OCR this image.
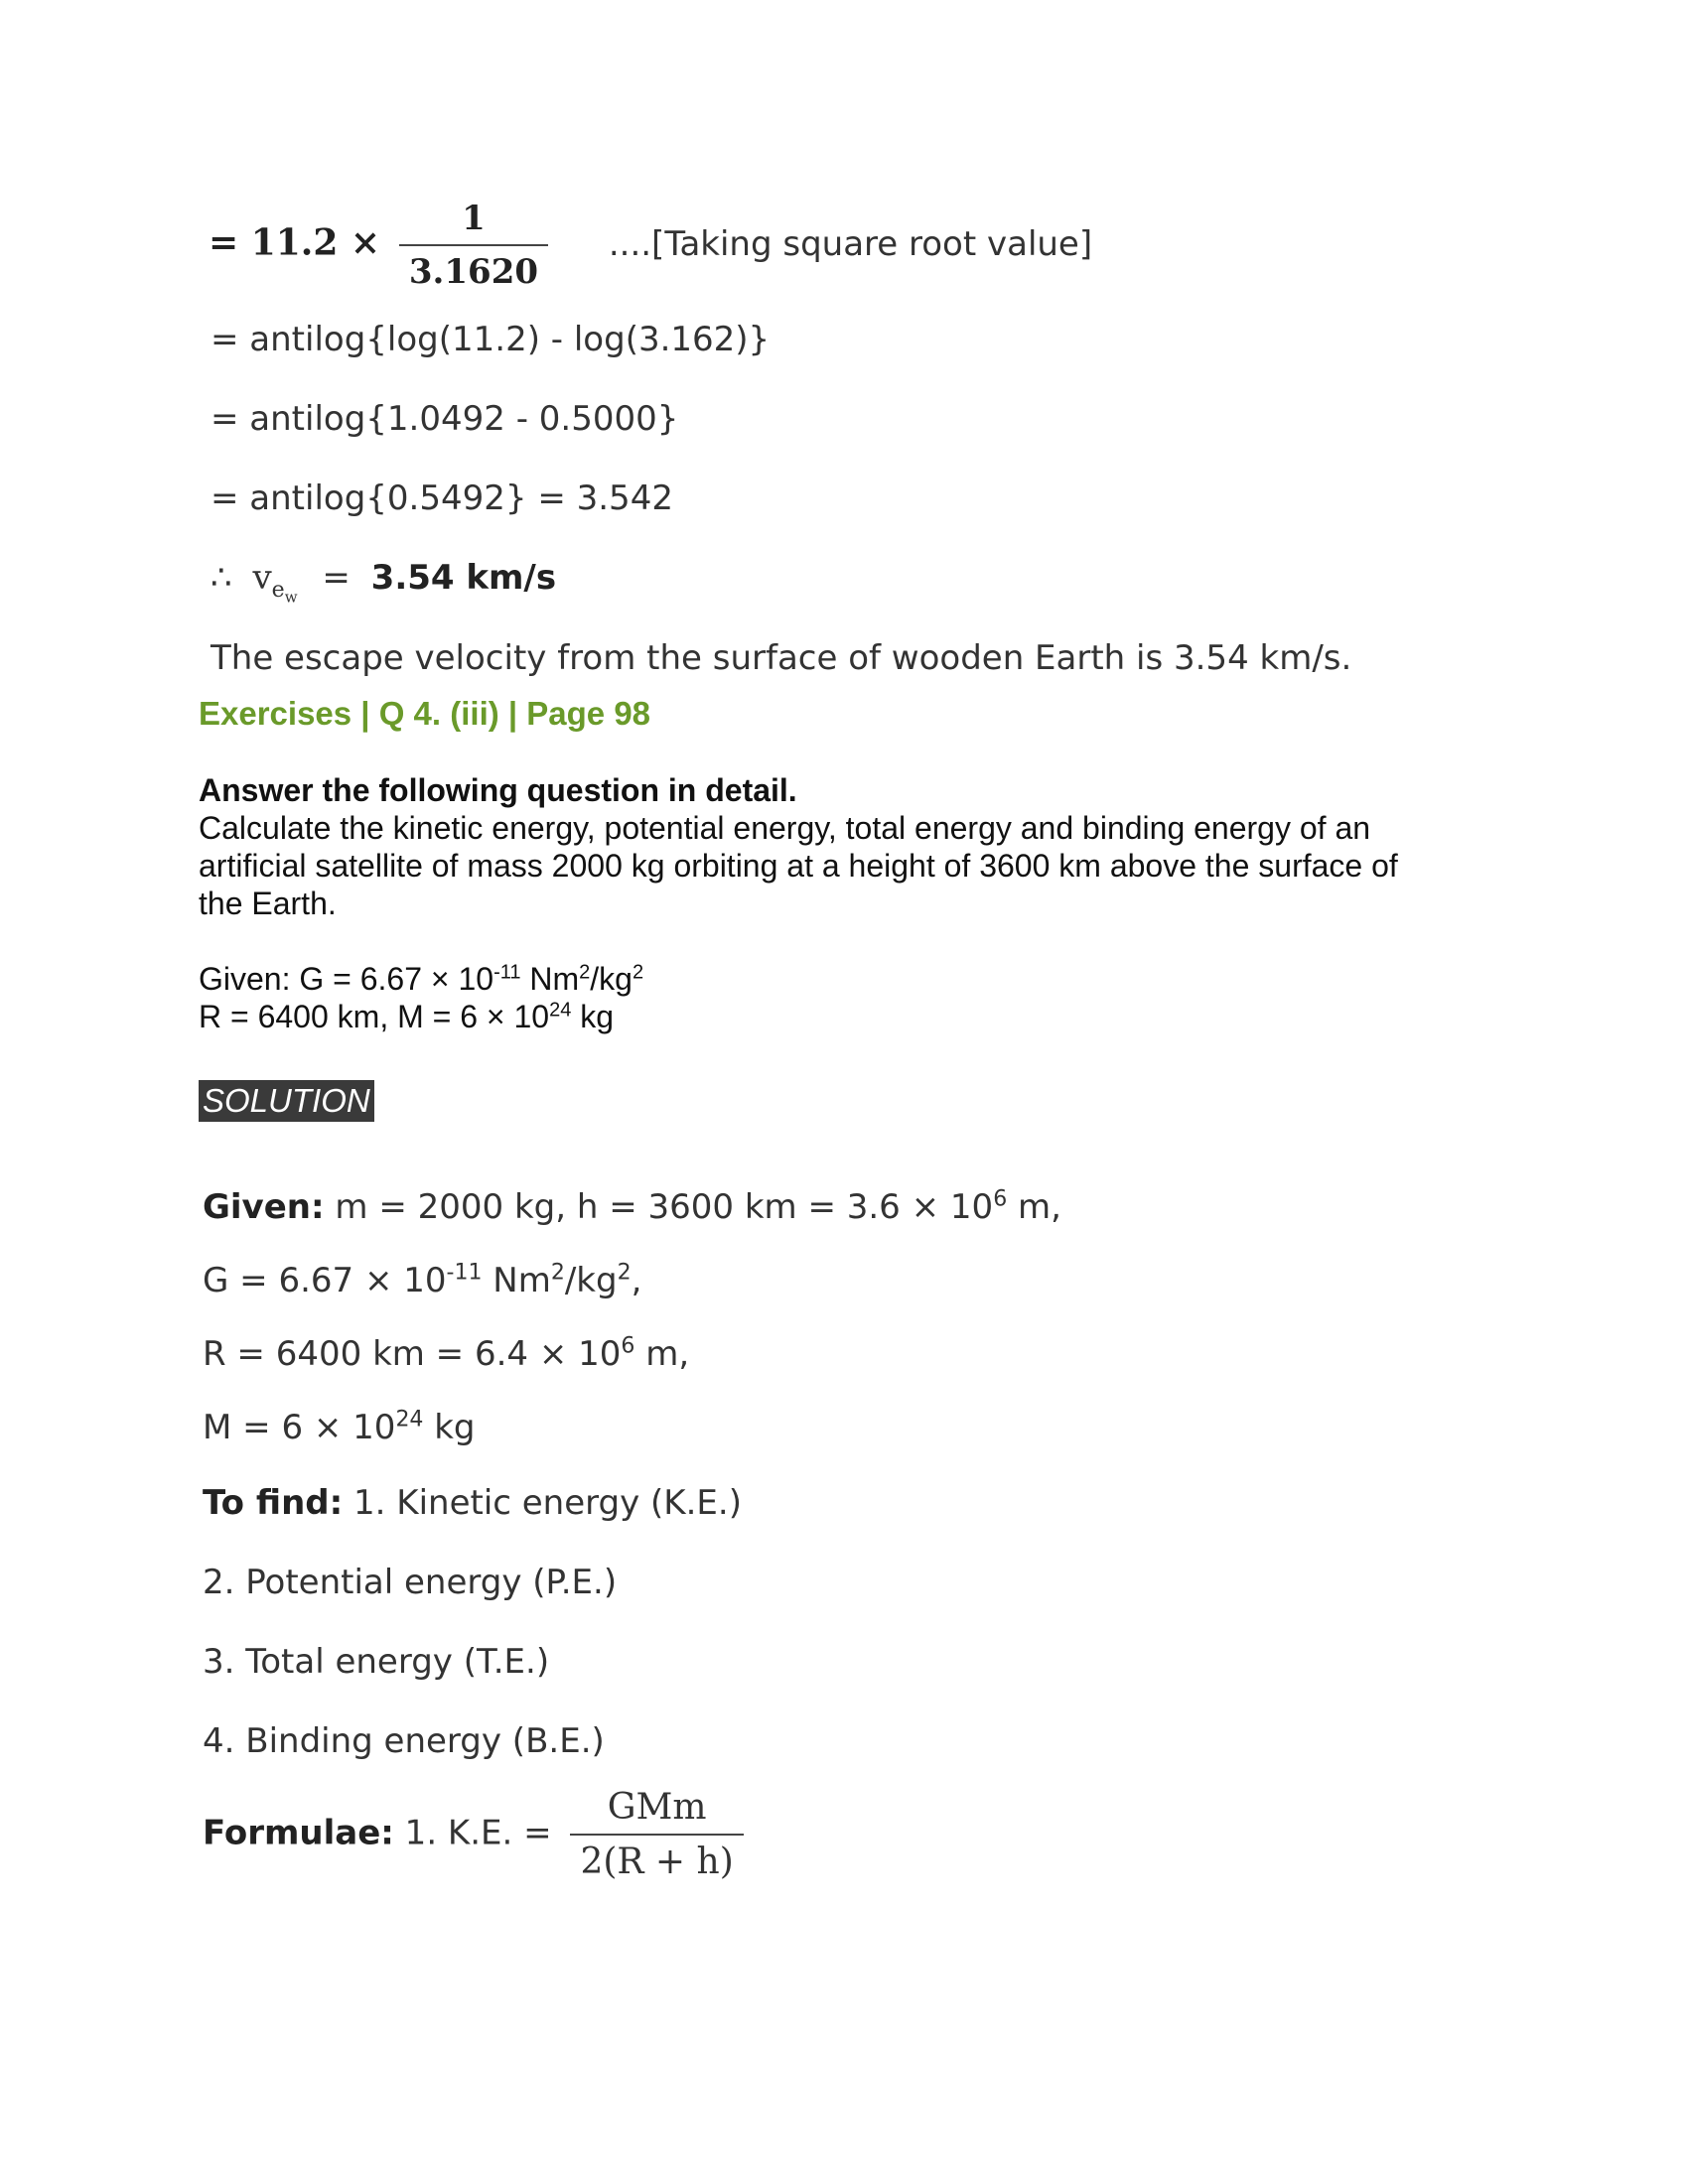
= $11.2 \times \frac{1}{3.1620}$ ....[Taking square root value]
= antilog{log(11.2) - log(3.162)}
= antilog{1.0492 - 0.5000}
= antilog{0.5492} = 3.542
∴ $v_{e_w} = 3.54$ km/s
The escape velocity from the surface of wooden Earth is 3.54 km/s.
Exercises | Q 4. (iii) | Page 98
Answer the following question in detail.
Calculate the kinetic energy, potential energy, total energy and binding energy of an
artificial satellite of mass 2000 kg orbiting at a height of 3600 km above the surface of
the Earth.
Given: $G = 6.67 \times 10^{-11}$ $Nm^2/kg^2$
R = 6400 km, $M = 6 \times 10^{24}$ kg
SOLUTION
Given: m = 2000 kg, h = 3600 km = $3.6 \times 10^6$ m,
$G = 6.67 \times 10^{-11}$ $Nm^2/kg^2$,
R = 6400 km = $6.4 \times 10^6$ m,
$M = 6 \times 10^{24}$ kg
To find: 1. Kinetic energy (K.E.)
2. Potential energy (P.E.)
3. Total energy (T.E.)
4. Binding energy (B.E.)
Formulae: 1. K.E. = $\frac{\text{GMm}}{2(R + h)}$
